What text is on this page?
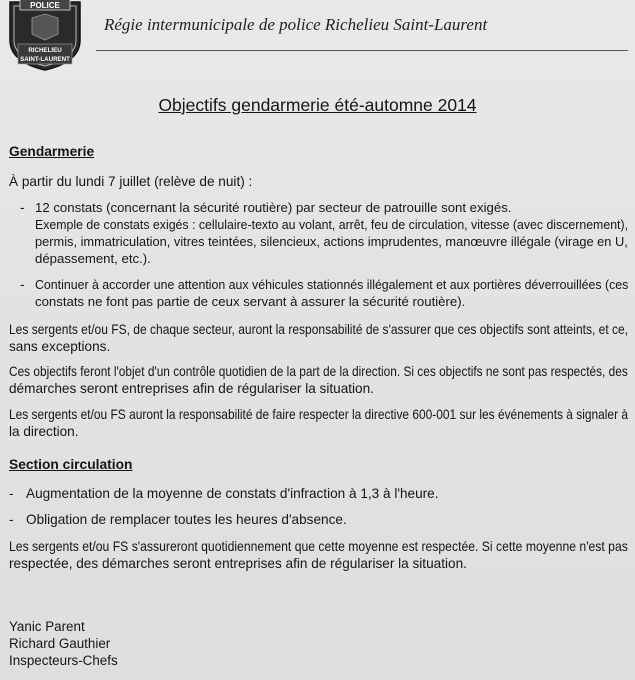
POLICE
RICHELIEU
SAINT-LAURENT
Régie intermunicipale de police Richelieu Saint-Laurent
Objectifs gendarmerie été-automne 2014
Gendarmerie
À partir du lundi 7 juillet (relève de nuit) :
- 12 constats (concernant la sécurité routière) par secteur de patrouille sont exigés.
Exemple de constats exigés : cellulaire-texto au volant, arrêt, feu de circulation, vitesse (avec discernement),
permis, immatriculation, vitres teintées, silencieux, actions imprudentes, manœuvre illégale (virage en U,
dépassement, etc.).
- Continuer à accorder une attention aux véhicules stationnés illégalement et aux portières déverrouillées (ces
constats ne font pas partie de ceux servant à assurer la sécurité routière).
Les sergents et/ou FS, de chaque secteur, auront la responsabilité de s'assurer que ces objectifs sont atteints, et ce,
sans exceptions.
Ces objectifs feront l'objet d'un contrôle quotidien de la part de la direction. Si ces objectifs ne sont pas respectés, des
démarches seront entreprises afin de régulariser la situation.
Les sergents et/ou FS auront la responsabilité de faire respecter la directive 600-001 sur les événements à signaler à
la direction.
Section circulation
- Augmentation de la moyenne de constats d'infraction à 1,3 à l'heure.
- Obligation de remplacer toutes les heures d'absence.
Les sergents et/ou FS s'assureront quotidiennement que cette moyenne est respectée. Si cette moyenne n'est pas
respectée, des démarches seront entreprises afin de régulariser la situation.
Yanic Parent
Richard Gauthier
Inspecteurs-Chefs
